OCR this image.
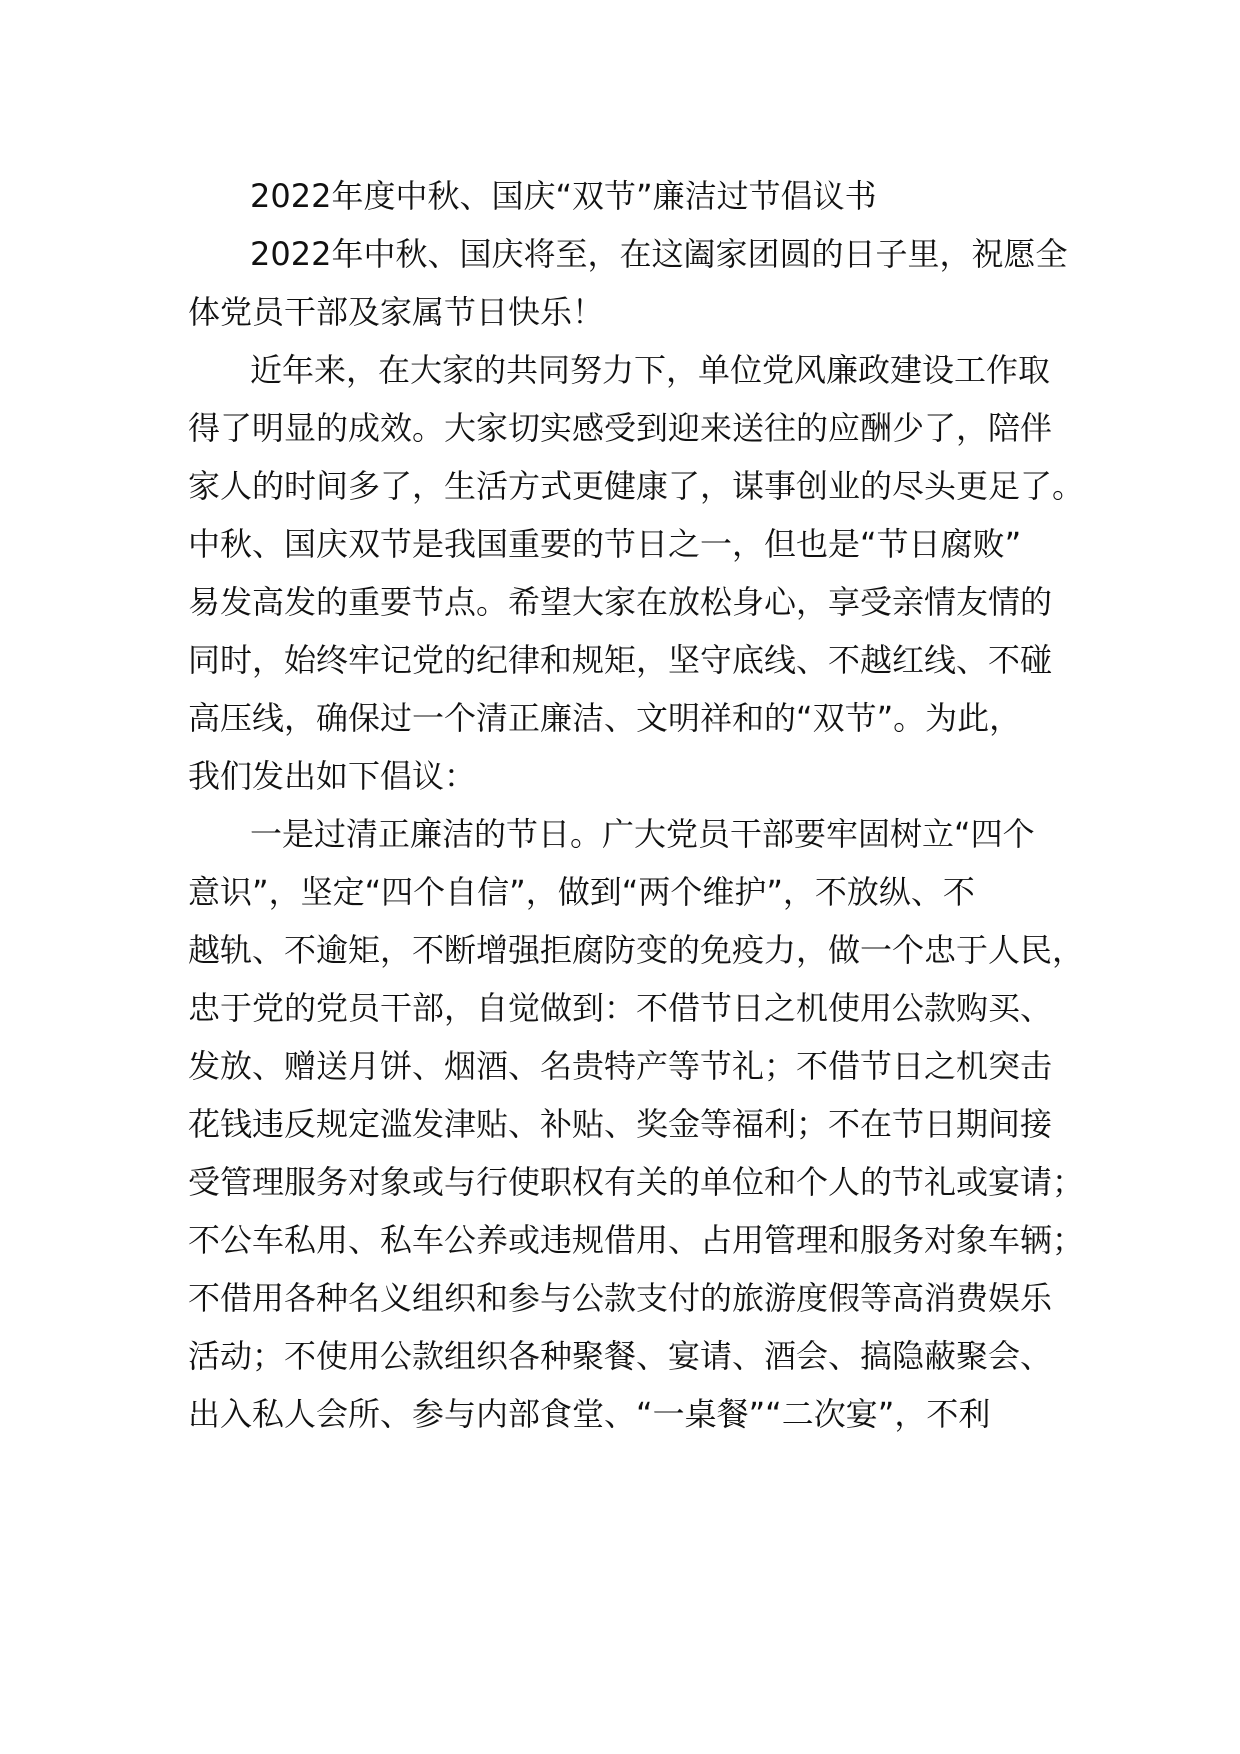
2022年度中秋、国庆“双节”廉洁过节倡议书
2022年中秋、国庆将至，在这阖家团圆的日子里，祝愿全
体党员干部及家属节日快乐！
近年来，在大家的共同努力下，单位党风廉政建设工作取
得了明显的成效。大家切实感受到迎来送往的应酬少了，陪伴
家人的时间多了，生活方式更健康了，谋事创业的尽头更足了。
中秋、国庆双节是我国重要的节日之一，但也是“节日腐败”
易发高发的重要节点。希望大家在放松身心，享受亲情友情的
同时，始终牢记党的纪律和规矩，坚守底线、不越红线、不碰
高压线，确保过一个清正廉洁、文明祥和的“双节”。为此，
我们发出如下倡议：
一是过清正廉洁的节日。广大党员干部要牢固树立“四个
意识”，坚定“四个自信”，做到“两个维护”，不放纵、不
越轨、不逾矩，不断增强拒腐防变的免疫力，做一个忠于人民，
忠于党的党员干部，自觉做到：不借节日之机使用公款购买、
发放、赠送月饼、烟酒、名贵特产等节礼；不借节日之机突击
花钱违反规定滥发津贴、补贴、奖金等福利；不在节日期间接
受管理服务对象或与行使职权有关的单位和个人的节礼或宴请；
不公车私用、私车公养或违规借用、占用管理和服务对象车辆；
不借用各种名义组织和参与公款支付的旅游度假等高消费娱乐
活动；不使用公款组织各种聚餐、宴请、酒会、搞隐蔽聚会、
出入私人会所、参与内部食堂、“一桌餐”“二次宴”，不利
